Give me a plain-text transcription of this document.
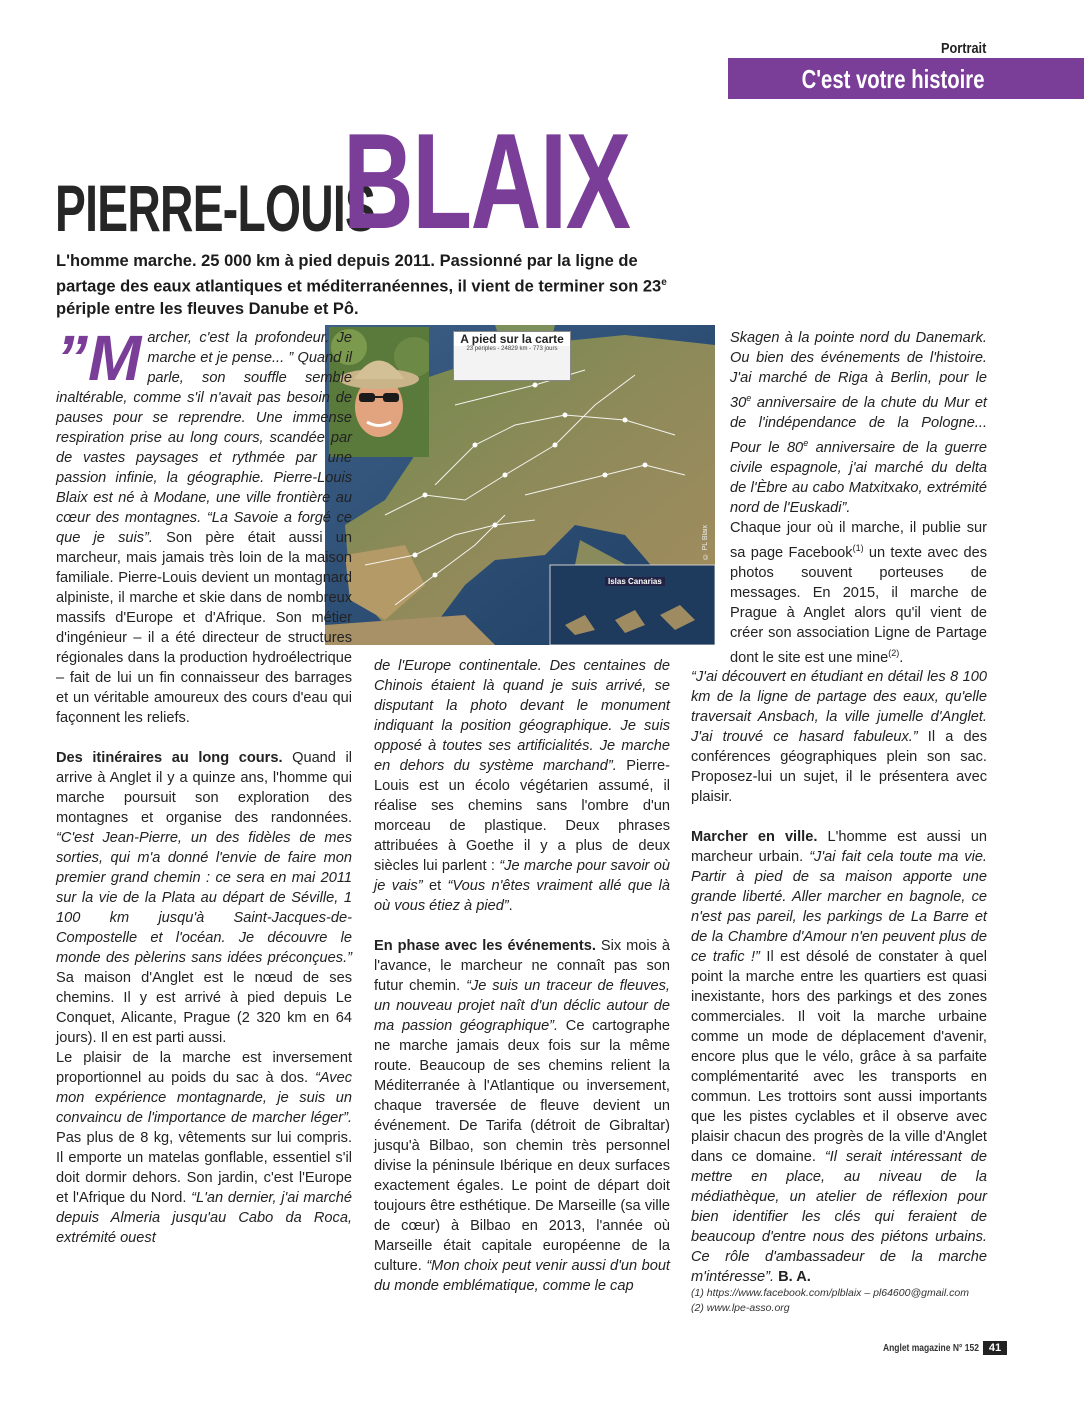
Portrait
C'est votre histoire
PIERRE-LOUIS
BLAIX
L'homme marche. 25 000 km à pied depuis 2011. Passionné par la ligne de partage des eaux atlantiques et méditerranéennes, il vient de terminer son 23e périple entre les fleuves Danube et Pô.
A pied sur la carte
23 périples - 24829 km - 773 jours
Islas Canarias
© PL Blaix

”M archer, c'est la profondeur. Je marche et je pense... ” Quand il parle, son souffle semble inaltérable, comme s'il n'avait pas besoin de pauses pour se reprendre. Une immense respiration prise au long cours, scandée par de vastes paysages et rythmée par une passion infinie, la géographie. Pierre-Louis Blaix est né à Modane, une ville frontière au cœur des montagnes. “La Savoie a forgé ce que je suis”. Son père était aussi un marcheur, mais jamais très loin de la maison familiale. Pierre-Louis devient un montagnard alpiniste, il marche et skie dans de nombreux massifs d'Europe et d'Afrique. Son métier d'ingénieur – il a été directeur de structures régionales dans la production hydroélectrique – fait de lui un fin connaisseur des barrages et un véritable amoureux des cours d'eau qui façonnent les reliefs.

Des itinéraires au long cours. Quand il arrive à Anglet il y a quinze ans, l'homme qui marche poursuit son exploration des montagnes et organise des randonnées. “C'est Jean-Pierre, un des fidèles de mes sorties, qui m'a donné l'envie de faire mon premier grand chemin : ce sera en mai 2011 sur la vie de la Plata au départ de Séville, 1 100 km jusqu'à Saint-Jacques-de-Compostelle et l'océan. Je découvre le monde des pèlerins sans idées préconçues.” Sa maison d'Anglet est le nœud de ses chemins. Il y est arrivé à pied depuis Le Conquet, Alicante, Prague (2 320 km en 64 jours). Il en est parti aussi.

Le plaisir de la marche est inversement proportionnel au poids du sac à dos. “Avec mon expérience montagnarde, je suis un convaincu de l'importance de marcher léger”. Pas plus de 8 kg, vêtements sur lui compris. Il emporte un matelas gonflable, essentiel s'il doit dormir dehors. Son jardin, c'est l'Europe et l'Afrique du Nord. “L'an dernier, j'ai marché depuis Almeria jusqu'au Cabo da Roca, extrémité ouest

de l'Europe continentale. Des centaines de Chinois étaient là quand je suis arrivé, se disputant la photo devant le monument indiquant la position géographique. Je suis opposé à toutes ses artificialités. Je marche en dehors du système marchand”. Pierre-Louis est un écolo végétarien assumé, il réalise ses chemins sans l'ombre d'un morceau de plastique. Deux phrases attribuées à Goethe il y a plus de deux siècles lui parlent : “Je marche pour savoir où je vais” et “Vous n'êtes vraiment allé que là où vous étiez à pied”.

En phase avec les événements. Six mois à l'avance, le marcheur ne connaît pas son futur chemin. “Je suis un traceur de fleuves, un nouveau projet naît d'un déclic autour de ma passion géographique”. Ce cartographe ne marche jamais deux fois sur la même route. Beaucoup de ses chemins relient la Méditerranée à l'Atlantique ou inversement, chaque traversée de fleuve devient un événement. De Tarifa (détroit de Gibraltar) jusqu'à Bilbao, son chemin très personnel divise la péninsule Ibérique en deux surfaces exactement égales. Le point de départ doit toujours être esthétique. De Marseille (sa ville de cœur) à Bilbao en 2013, l'année où Marseille était capitale européenne de la culture. “Mon choix peut venir aussi d'un bout du monde emblématique, comme le cap

Skagen à la pointe nord du Danemark. Ou bien des événements de l'histoire. J'ai marché de Riga à Berlin, pour le 30e anniversaire de la chute du Mur et de l'indépendance de la Pologne... Pour le 80e anniversaire de la guerre civile espagnole, j'ai marché du delta de l'Èbre au cabo Matxitxako, extrémité nord de l'Euskadi”.

Chaque jour où il marche, il publie sur sa page Facebook$^{(1)}$ un texte avec des photos souvent porteuses de messages. En 2015, il marche de Prague à Anglet alors qu'il vient de créer son association Ligne de Partage dont le site est une mine$^{(2)}$.

“J'ai découvert en étudiant en détail les 8 100 km de la ligne de partage des eaux, qu'elle traversait Ansbach, la ville jumelle d'Anglet. J'ai trouvé ce hasard fabuleux.” Il a des conférences géographiques plein son sac. Proposez-lui un sujet, il le présentera avec plaisir.

Marcher en ville. L'homme est aussi un marcheur urbain. “J'ai fait cela toute ma vie. Partir à pied de sa maison apporte une grande liberté. Aller marcher en bagnole, ce n'est pas pareil, les parkings de La Barre et de la Chambre d'Amour n'en peuvent plus de ce trafic !” Il est désolé de constater à quel point la marche entre les quartiers est quasi inexistante, hors des parkings et des zones commerciales. Il voit la marche urbaine comme un mode de déplacement d'avenir, encore plus que le vélo, grâce à sa parfaite complémentarité avec les transports en commun. Les trottoirs sont aussi importants que les pistes cyclables et il observe avec plaisir chacun des progrès de la ville d'Anglet dans ce domaine. “Il serait intéressant de mettre en place, au niveau de la médiathèque, un atelier de réflexion pour bien identifier les clés qui feraient de beaucoup d'entre nous des piétons urbains. Ce rôle d'ambassadeur de la marche m'intéresse”. B. A.

(1) https://www.facebook.com/plblaix – pl64600@gmail.com
(2) www.lpe-asso.org
Anglet magazine N° 152 41
